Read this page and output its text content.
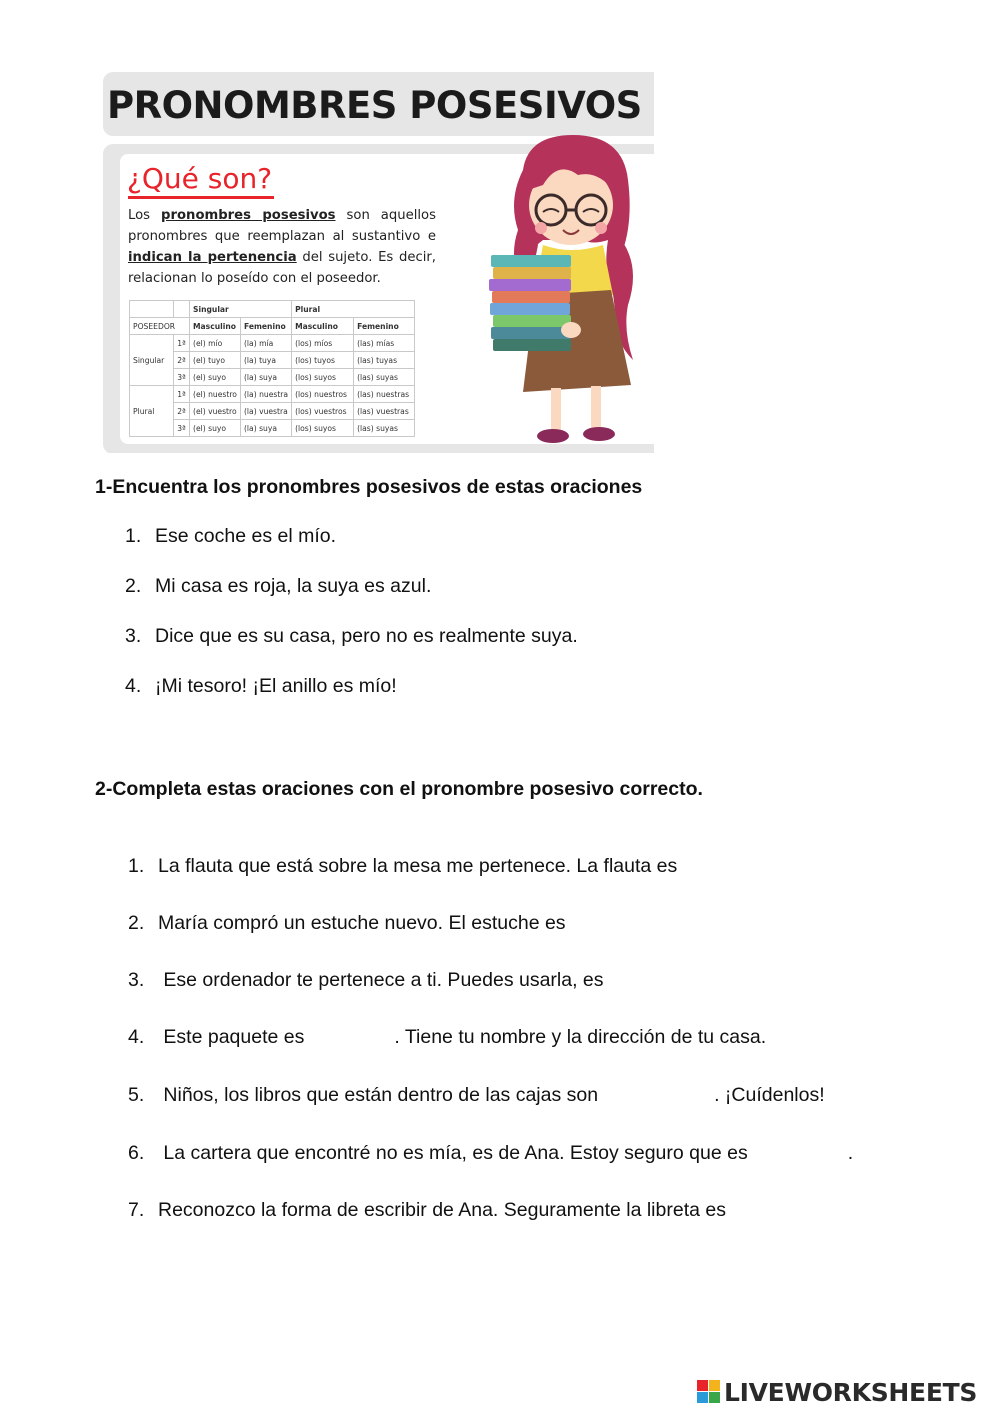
PRONOMBRES POSESIVOS
¿Qué son?
Los pronombres posesivos son aquellos pronombres que reemplazan al sustantivo e indican la pertenencia del sujeto. Es decir, relacionan lo poseído con el poseedor.
		Singular		Plural	
POSEEDOR		Masculino	Femenino	Masculino	Femenino
Singular	1ª	(el) mío	(la) mía	(los) míos	(las) mías
	2ª	(el) tuyo	(la) tuya	(los) tuyos	(las) tuyas
	3ª	(el) suyo	(la) suya	(los) suyos	(las) suyas
Plural	1ª	(el) nuestro	(la) nuestra	(los) nuestros	(las) nuestras
	2ª	(el) vuestro	(la) vuestra	(los) vuestros	(las) vuestras
	3ª	(el) suyo	(la) suya	(los) suyos	(las) suyas
1-Encuentra los pronombres posesivos de estas oraciones
1. Ese coche es el mío.
2. Mi casa es roja, la suya es azul.
3. Dice que es su casa, pero no es realmente suya.
4. ¡Mi tesoro! ¡El anillo es mío!
2-Completa estas oraciones con el pronombre posesivo correcto.
1. La flauta que está sobre la mesa me pertenece. La flauta es
2. María compró un estuche nuevo. El estuche es
3. Ese ordenador te pertenece a ti. Puedes usarla, es
4. Este paquete es	. Tiene tu nombre y la dirección de tu casa.
5. Niños, los libros que están dentro de las cajas son	. ¡Cuídenlos!
6. La cartera que encontré no es mía, es de Ana. Estoy seguro que es	.
7. Reconozco la forma de escribir de Ana. Seguramente la libreta es
LIVEWORKSHEETS
